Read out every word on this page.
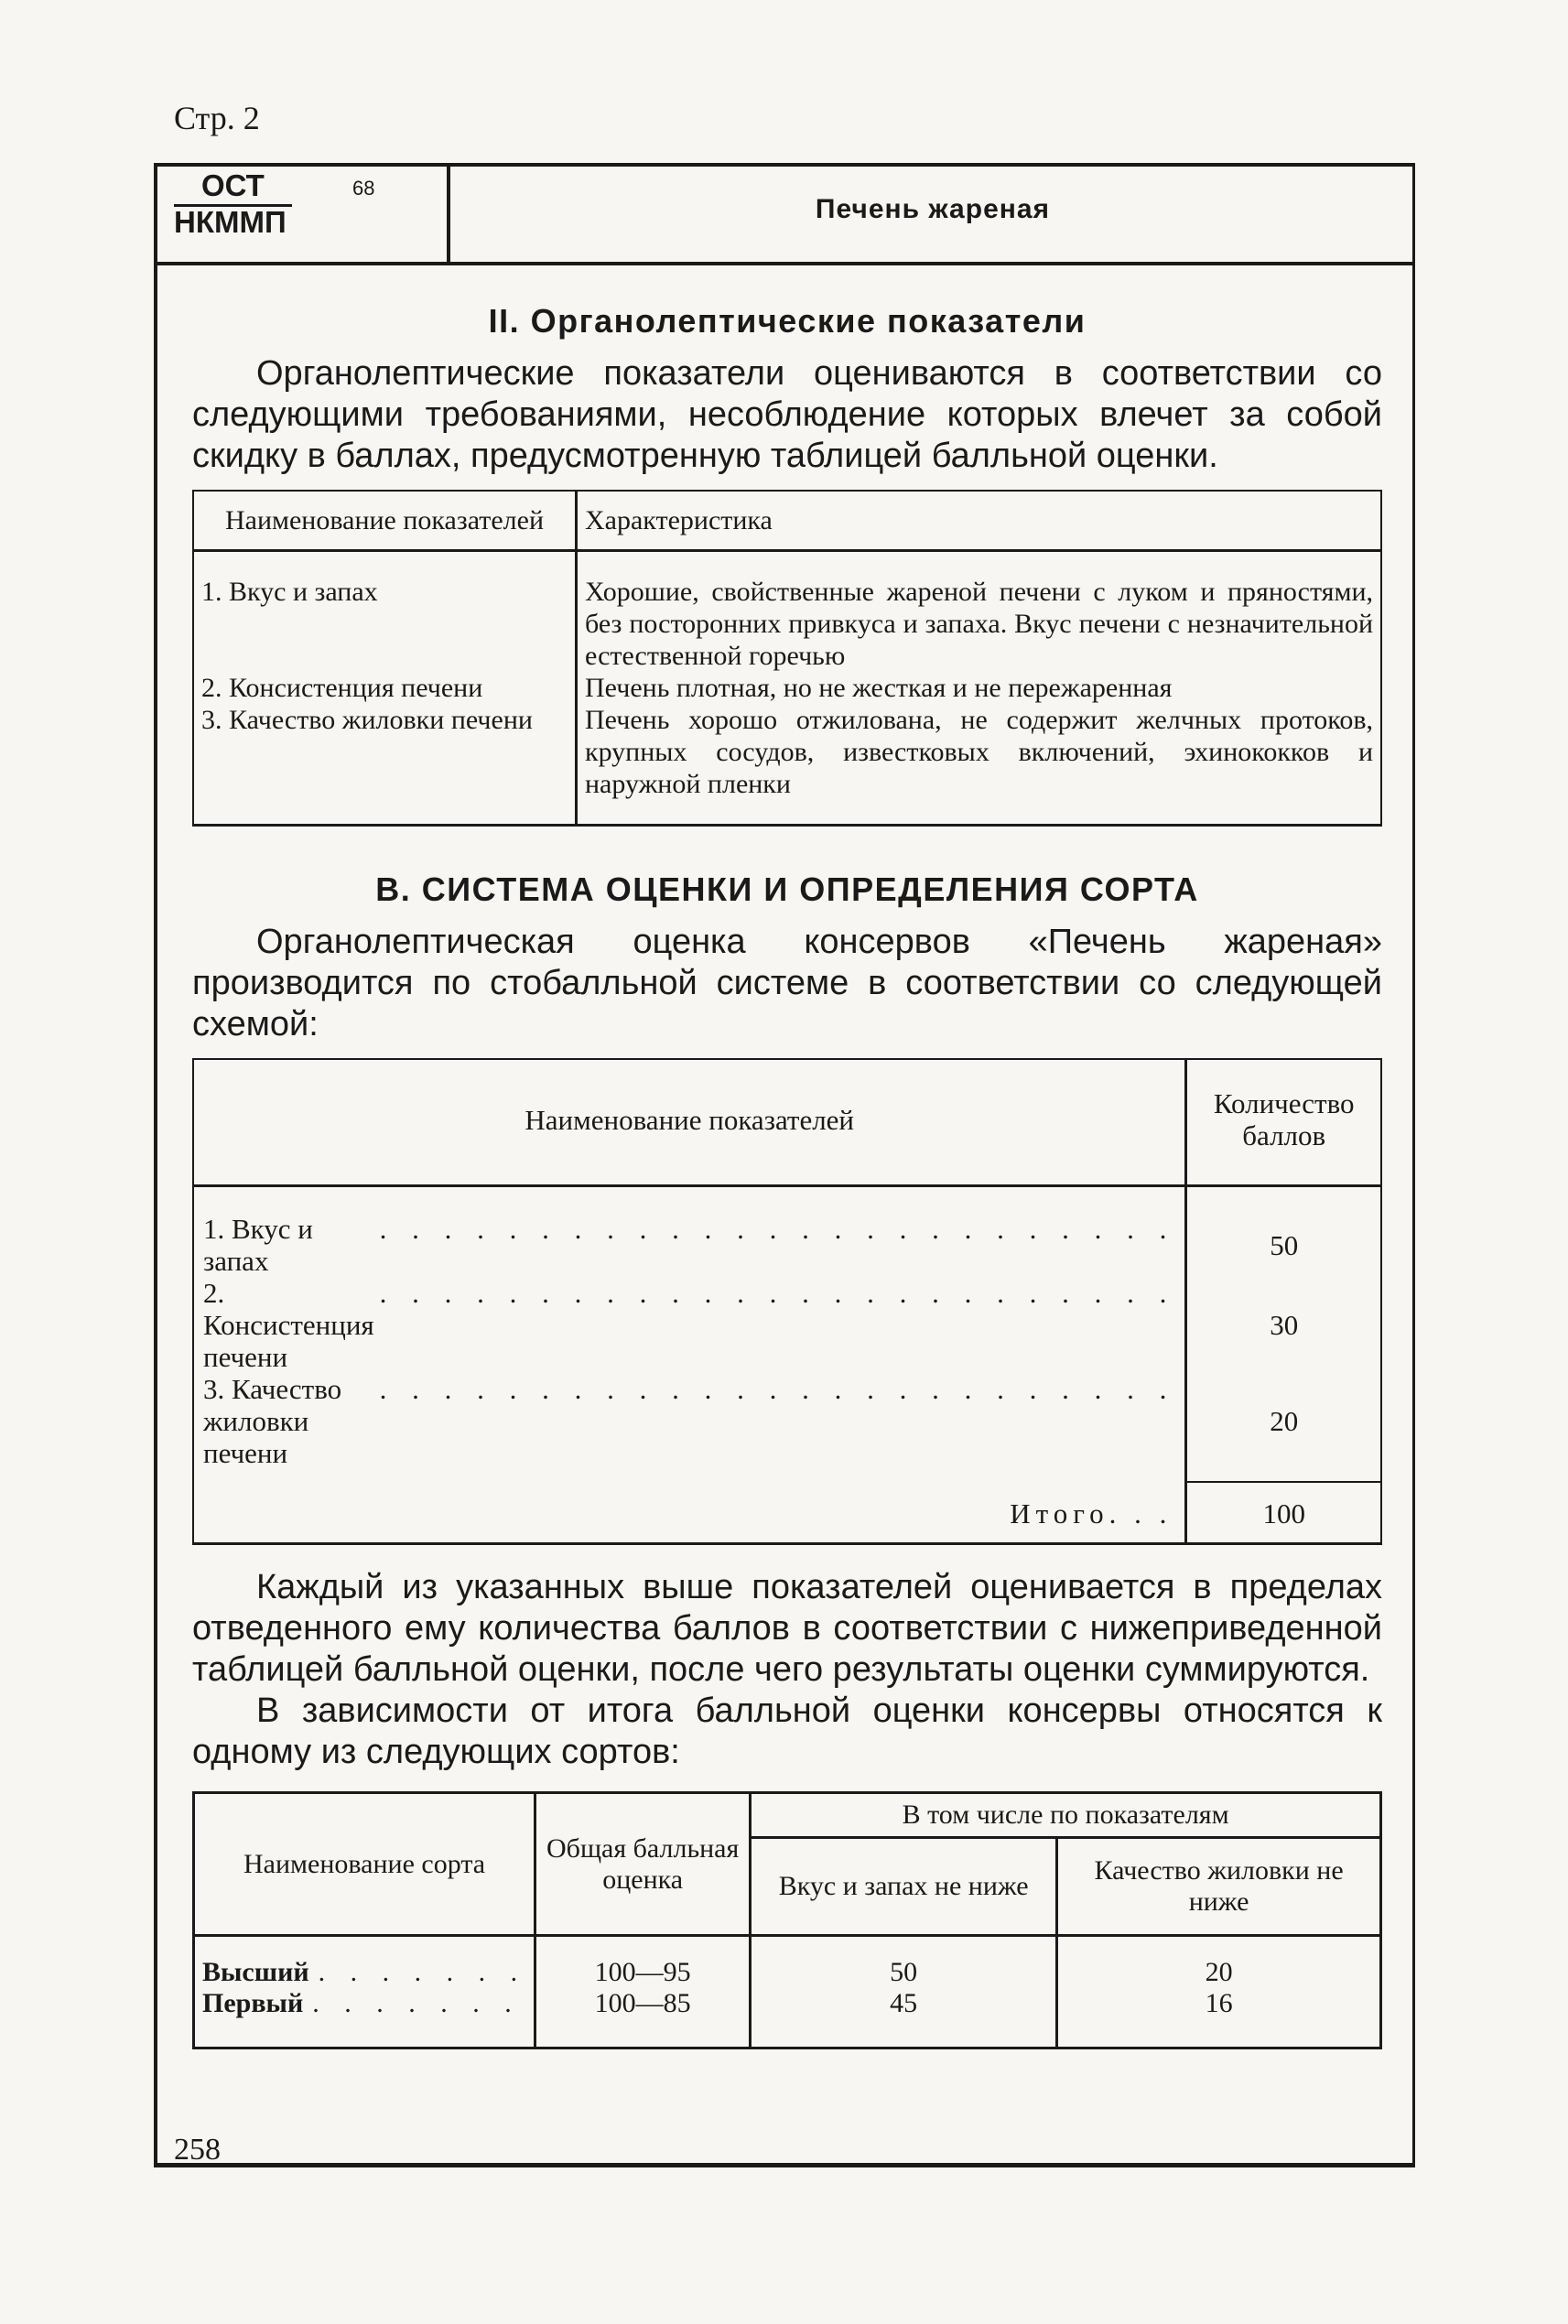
Стр. 2
ОСТ	68
НКММП	Печень жареная
II. Органолептические показатели

Органолептические показатели оцениваются в соответствии со следующими требованиями, несоблюдение которых влечет за собой скидку в баллах, предусмотренную таблицей балльной оценки.

Наименование показателей	Характеристика
1. Вкус и запах	Хорошие, свойственные жареной печени с луком и пряностями, без посторонних привкуса и запаха. Вкус печени с незначительной естественной горечью
2. Консистенция печени	Печень плотная, но не жесткая и не пережаренная
3. Качество жиловки печени	Печень хорошо отжилована, не содержит желчных протоков, крупных сосудов, известковых включений, эхинококков и наружной пленки
В. СИСТЕМА ОЦЕНКИ И ОПРЕДЕЛЕНИЯ СОРТА

Органолептическая оценка консервов «Печень жареная» производится по стобалльной системе в соответствии со следующей схемой:

Наименование показателей	Количество баллов

1. Вкус и запах
. . . . . . . . . . . . . . . . . . . . . . . . .	50

2. Консистенция печени
. . . . . . . . . . . . . . . . . . . . . . . . .	30

3. Качество жиловки печени
. . . . . . . . . . . . . . . . . . . . . . . . .	20
Итого. . .	100

Каждый из указанных выше показателей оценивается в пределах отведенного ему количества баллов в соответствии с нижеприведенной таблицей балльной оценки, после чего результаты оценки суммируются.

В зависимости от итога балльной оценки консервы относятся к одному из следующих сортов:

Наименование сорта	Общая балльная оценка	В том числе по показателям	
		Вкус и запах не ниже	Качество жиловки не ниже

Высший . . . . . . .	100—95	50	20

Первый . . . . . . .	100—85	45	16
258
